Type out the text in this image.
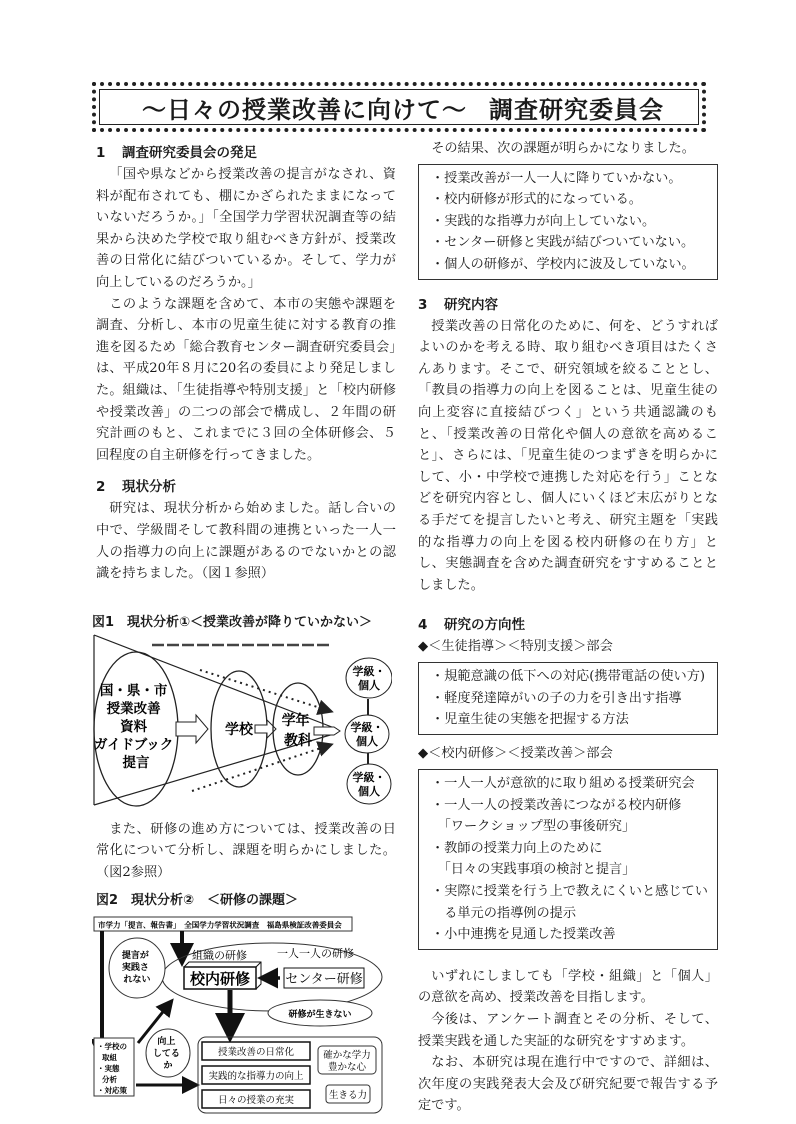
〜日々の授業改善に向けて〜 調査研究委員会
1 調査研究委員会の発足

「国や県などから授業改善の提言がなされ、資料が配布されても、棚にかざられたままになっていないだろうか。」「全国学力学習状況調査等の結果から決めた学校で取り組むべき方針が、授業改善の日常化に結びついているか。そして、学力が向上しているのだろうか。」

このような課題を含めて、本市の実態や課題を調査、分析し、本市の児童生徒に対する教育の推進を図るため「総合教育センター調査研究委員会」は、平成20年８月に20名の委員により発足しました。組織は、「生徒指導や特別支援」と「校内研修や授業改善」の二つの部会で構成し、２年間の研究計画のもと、これまでに３回の全体研修会、５回程度の自主研修を行ってきました。

2 現状分析

研究は、現状分析から始めました。話し合いの中で、学級間そして教科間の連携といった一人一人の指導力の向上に課題があるのでないかとの認識を持ちました。（図１参照）

図1　現状分析①＜授業改善が降りていかない＞
国・県・市 授業改善 資料 ガイドブック 提言
学校
学年 教科
学級・個人
学級・個人
学級・個人

また、研修の進め方については、授業改善の日常化について分析し、課題を明らかにしました。（図2参照）

図2　現状分析②　＜研修の課題＞
市学力「提言、報告書」　全国学力学習状況調査　福島県検証改善委員会
提言が 実践さ れない
組織の研修	一人一人の研修
校内研修	センター研修
研修が生きない
・学校の 取組 ・実態 分析 ・対応策
向上 してる か
授業改善の日常化
実践的な指導力の向上
日々の授業の充実
確かな学力豊かな心
生きる力

その結果、次の課題が明らかになりました。

・授業改善が一人一人に降りていかない。
・校内研修が形式的になっている。
・実践的な指導力が向上していない。
・センター研修と実践が結びついていない。
・個人の研修が、学校内に波及していない。
3 研究内容

授業改善の日常化のために、何を、どうすればよいのかを考える時、取り組むべき項目はたくさんあります。そこで、研究領域を絞ることとし、「教員の指導力の向上を図ることは、児童生徒の向上変容に直接結びつく」という共通認識のもと、「授業改善の日常化や個人の意欲を高めること」、さらには、「児童生徒のつまずきを明らかにして、小・中学校で連携した対応を行う」ことなどを研究内容とし、個人にいくほど末広がりとなる手だてを提言したいと考え、研究主題を「実践的な指導力の向上を図る校内研修の在り方」とし、実態調査を含めた調査研究をすすめることとしました。

4 研究の方向性
◆＜生徒指導＞＜特別支援＞部会
・規範意識の低下への対応(携帯電話の使い方)
・軽度発達障がいの子の力を引き出す指導
・児童生徒の実態を把握する方法
◆＜校内研修＞＜授業改善＞部会
・一人一人が意欲的に取り組める授業研究会
・一人一人の授業改善につながる校内研修
　「ワークショップ型の事後研究」
・教師の授業力向上のために
　「日々の実践事項の検討と提言」
・実際に授業を行う上で教えにくいと感じている単元の指導例の提示
・小中連携を見通した授業改善

いずれにしましても「学校・組織」と「個人」の意欲を高め、授業改善を目指します。

今後は、アンケート調査とその分析、そして、授業実践を通した実証的な研究をすすめます。

なお、本研究は現在進行中ですので、詳細は、次年度の実践発表大会及び研究紀要で報告する予定です。
